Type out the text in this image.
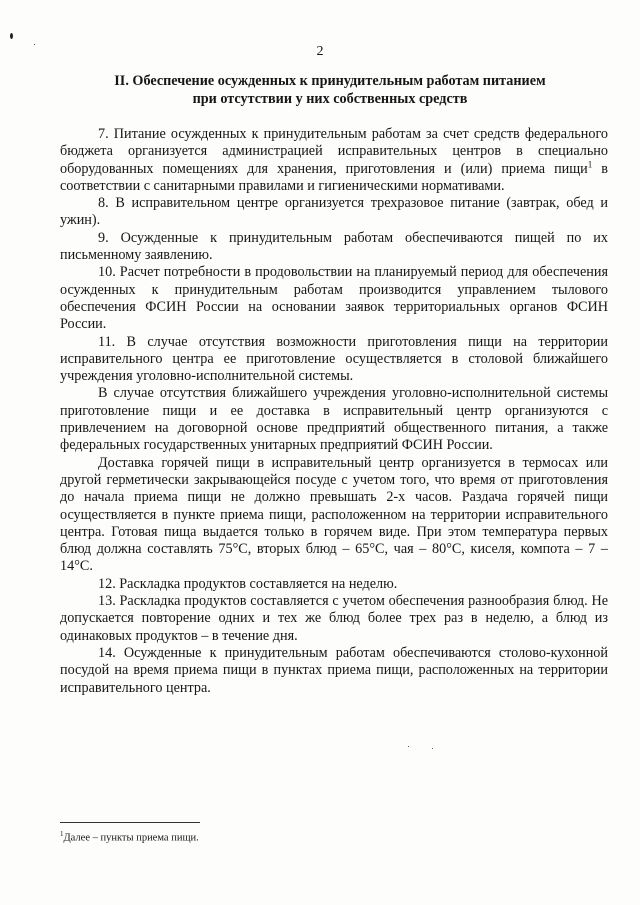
2
II. Обеспечение осужденных к принудительным работам питанием
при отсутствии у них собственных средств

7. Питание осужденных к принудительным работам за счет средств федерального бюджета организуется администрацией исправительных центров в специально оборудованных помещениях для хранения, приготовления и (или) приема пищи$^1$ в соответствии с санитарными правилами и гигиеническими нормативами.

8. В исправительном центре организуется трехразовое питание (завтрак, обед и ужин).

9. Осужденные к принудительным работам обеспечиваются пищей по их письменному заявлению.

10. Расчет потребности в продовольствии на планируемый период для обеспечения осужденных к принудительным работам производится управлением тылового обеспечения ФСИН России на основании заявок территориальных органов ФСИН России.

11. В случае отсутствия возможности приготовления пищи на территории исправительного центра ее приготовление осуществляется в столовой ближайшего учреждения уголовно-исполнительной системы.

В случае отсутствия ближайшего учреждения уголовно-исполнительной системы приготовление пищи и ее доставка в исправительный центр организуются с привлечением на договорной основе предприятий общественного питания, а также федеральных государственных унитарных предприятий ФСИН России.

Доставка горячей пищи в исправительный центр организуется в термосах или другой герметически закрывающейся посуде с учетом того, что время от приготовления до начала приема пищи не должно превышать 2-х часов. Раздача горячей пищи осуществляется в пункте приема пищи, расположенном на территории исправительного центра. Готовая пища выдается только в горячем виде. При этом температура первых блюд должна составлять 75°С, вторых блюд – 65°С, чая – 80°С, киселя, компота – 7 – 14°С.

12. Раскладка продуктов составляется на неделю.

13. Раскладка продуктов составляется с учетом обеспечения разнообразия блюд. Не допускается повторение одних и тех же блюд более трех раз в неделю, а блюд из одинаковых продуктов – в течение дня.

14. Осужденные к принудительным работам обеспечиваются столово-кухонной посудой на время приема пищи в пунктах приема пищи, расположенных на территории исправительного центра.

$^1$Далее – пункты приема пищи.
